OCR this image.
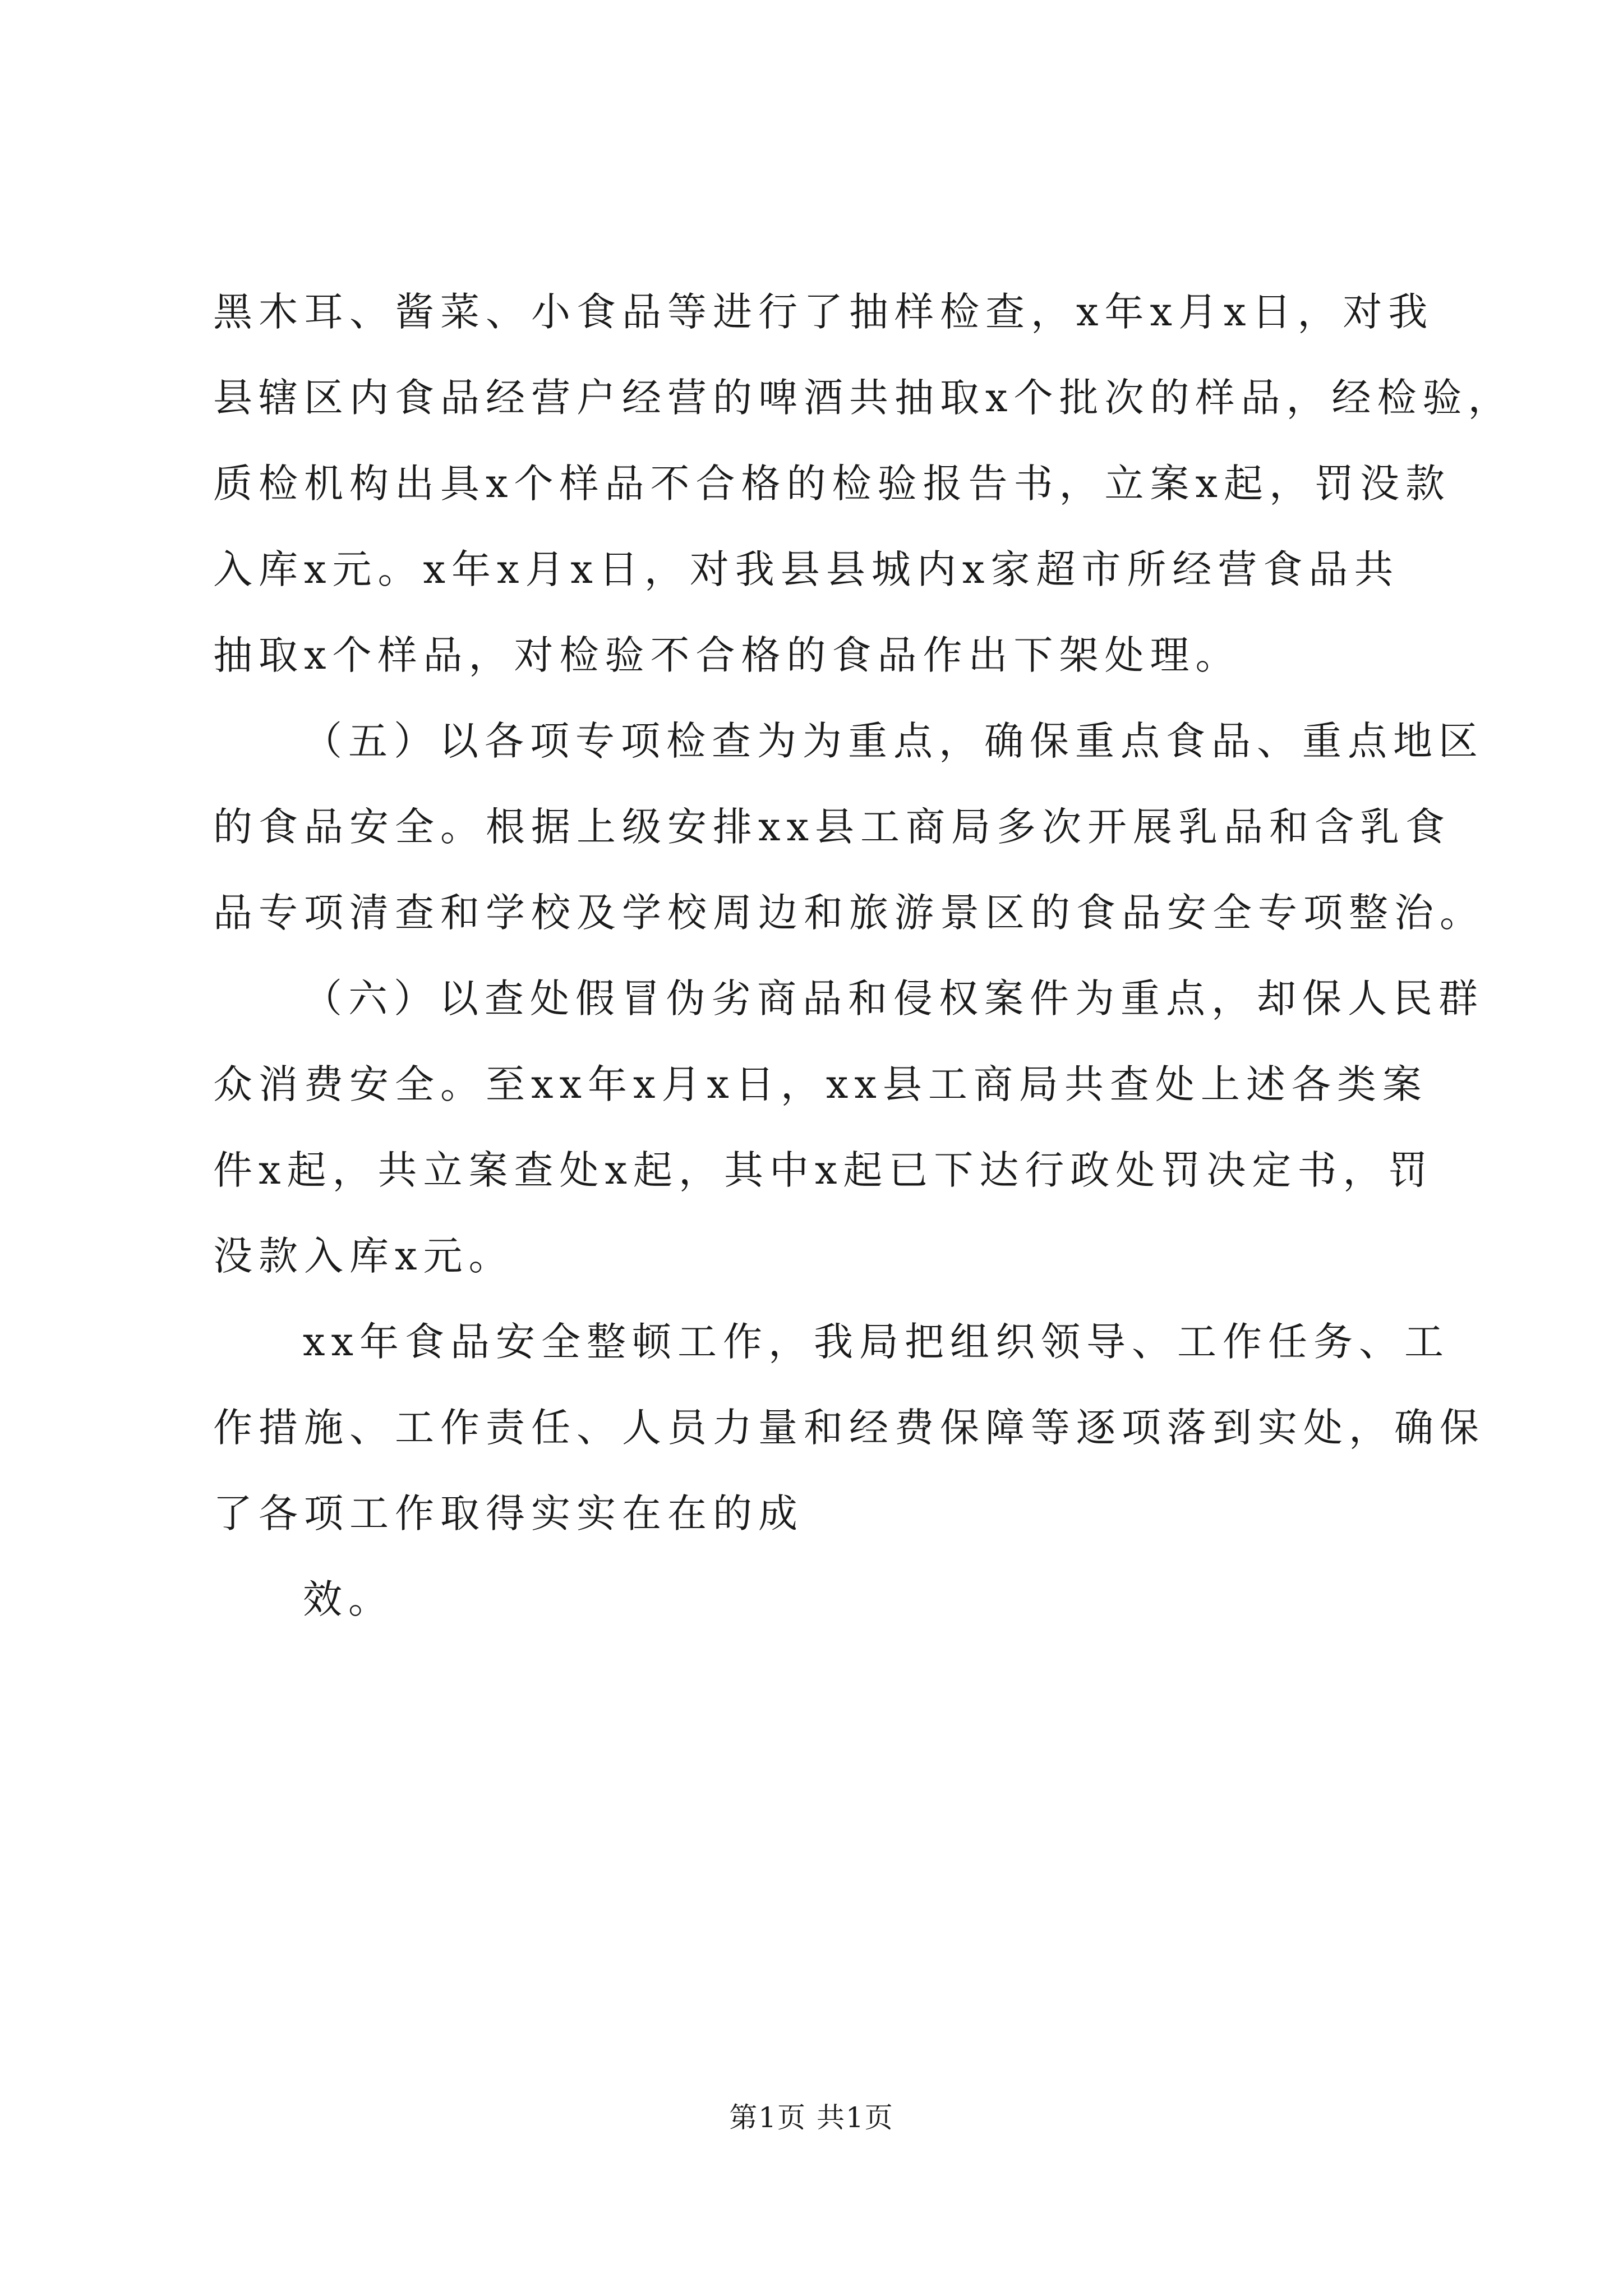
黑木耳、酱菜、小食品等进行了抽样检查，x年x月x日，对我
县辖区内食品经营户经营的啤酒共抽取x个批次的样品，经检验，
质检机构出具x个样品不合格的检验报告书，立案x起，罚没款
入库x元。x年x月x日，对我县县城内x家超市所经营食品共
抽取x个样品，对检验不合格的食品作出下架处理。
（五）以各项专项检查为为重点，确保重点食品、重点地区
的食品安全。根据上级安排xx县工商局多次开展乳品和含乳食
品专项清查和学校及学校周边和旅游景区的食品安全专项整治。
（六）以查处假冒伪劣商品和侵权案件为重点，却保人民群
众消费安全。至xx年x月x日，xx县工商局共查处上述各类案
件x起，共立案查处x起，其中x起已下达行政处罚决定书，罚
没款入库x元。
xx年食品安全整顿工作，我局把组织领导、工作任务、工
作措施、工作责任、人员力量和经费保障等逐项落到实处，确保
了各项工作取得实实在在的成
效。
第1页 共1页
